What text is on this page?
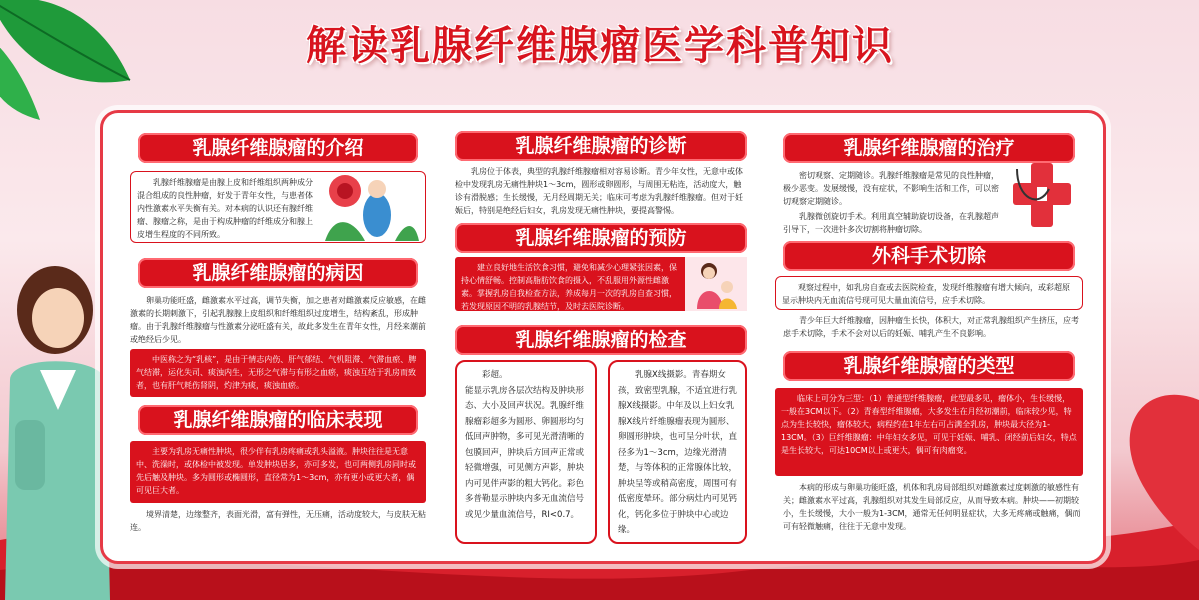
解读乳腺纤维腺瘤医学科普知识
乳腺纤维腺瘤的介绍
乳腺纤维腺瘤是由腺上皮和纤维组织两种成分混合组成的良性肿瘤，好发于青年女性，与患者体内性激素水平失衡有关。对本病的认识还有腺纤维瘤、腺瘤之称，是由于构成肿瘤的纤维成分和腺上皮增生程度的不同所致。
乳腺纤维腺瘤的病因
卵巢功能旺盛，雌激素水平过高，调节失衡，加之患者对雌激素反应敏感，在雌激素的长期刺激下，引起乳腺腺上皮组织和纤维组织过度增生，结构紊乱，形成肿瘤。由于乳腺纤维腺瘤与性激素分泌旺盛有关，故此多发生在青年女性，月经来潮前或绝经后少见。
中医称之为“乳核”，是由于情志内伤、肝气郁结、气机阻滞、气滞血瘀、脾气结滞，运化失司、痰浊内生，无形之气滞与有形之血瘀，痰浊互结于乳房而致者，也有肝气耗伤肾阴，灼津为痰，痰浊血瘀。
乳腺纤维腺瘤的临床表现
主要为乳房无痛性肿块，很少伴有乳房疼痛或乳头溢液。肿块往往是无意中、洗澡时，或体检中被发现。单发肿块居多，亦可多发，也可两侧乳房同时或先后触及肿块。多为圆形或椭圆形，直径常为1～3cm，亦有更小或更大者，偶可见巨大者。
境界清楚，边缘整齐，表面光滑，富有弹性，无压痛，活动度较大，与皮肤无粘连。
乳腺纤维腺瘤的诊断
乳房位于体表，典型的乳腺纤维腺瘤相对容易诊断。青少年女性，无意中或体检中发现乳房无痛性肿块1～3cm，圆形或卵圆形，与周围无粘连，活动度大，触诊有滑脱感；生长缓慢，无月经周期无关；临床可考虑为乳腺纤维腺瘤。但对于妊娠后，特别是绝经后妇女，乳房发现无痛性肿块，要提高警惕。
乳腺纤维腺瘤的预防
建立良好地生活饮食习惯，避免和减少心理紧张因素，保持心情舒畅。控制高脂肪饮食的摄入，不乱服用外源性雌激素。掌握乳房自我检查方法，养成每月一次的乳房自查习惯，若发现原因不明的乳腺结节，及时去医院诊断。
乳腺纤维腺瘤的检查
彩超。
能显示乳房各层次结构及肿块形态、大小及回声状况。乳腺纤维腺瘤彩超多为圆形、卵圆形均匀低回声肿物，多可见光滑清晰的包膜回声，肿块后方回声正常或轻微增强，可见侧方声影，肿块内可见伴声影的粗大钙化。彩色多普勒显示肿块内多无血流信号或见少量血流信号，RI<0.7。
乳腺X线摄影。青春期女孩，致密型乳腺，不适宜进行乳腺X线摄影。中年及以上妇女乳腺X线片纤维腺瘤表现为圆形、卵圆形肿块，也可呈分叶状，直径多为1～3cm，边缘光滑清楚，与等体积的正常腺体比较，肿块呈等或稍高密度，周围可有低密度晕环。部分病灶内可见钙化，钙化多位于肿块中心或边缘。
乳腺纤维腺瘤的治疗
密切观察、定期随诊。乳腺纤维腺瘤是常见的良性肿瘤，极少恶变。发展缓慢，没有症状，不影响生活和工作，可以密切观察定期随诊。
乳腺微创旋切手术。利用真空辅助旋切设备，在乳腺超声引导下，一次进针多次切割将肿瘤切除。
外科手术切除
观察过程中，如乳房自查或去医院检查，发现纤维腺瘤有增大倾向，或彩超原显示肿块内无血流信号现可见大量血流信号，应手术切除。
青少年巨大纤维腺瘤，因肿瘤生长快，体积大，对正常乳腺组织产生挤压，应考虑手术切除，手术不会对以后的妊娠、哺乳产生不良影响。
乳腺纤维腺瘤的类型
临床上可分为三型：（1）普通型纤维腺瘤，此型最多见，瘤体小，生长缓慢，一般在3CM以下。（2）青春型纤维腺瘤，大多发生在月经初潮前，临床较少见，特点为生长较快，瘤体较大，病程约在1年左右可占满全乳房，肿块最大径为1-13CM。（3）巨纤维腺瘤：中年妇女多见，可见于妊娠、哺乳、闭经前后妇女，特点是生长较大，可达10CM以上或更大，偶可有肉瘤变。
本病的形成与卵巢功能旺盛，机体和乳房局部组织对雌激素过度刺激的敏感性有关；雌激素水平过高，乳腺组织对其发生局部反应，从而导致本病。肿块——初期较小，生长缓慢，大小一般为1-3CM，通常无任何明显症状，大多无疼痛或触痛，偶而可有轻微触痛，往往于无意中发现。
